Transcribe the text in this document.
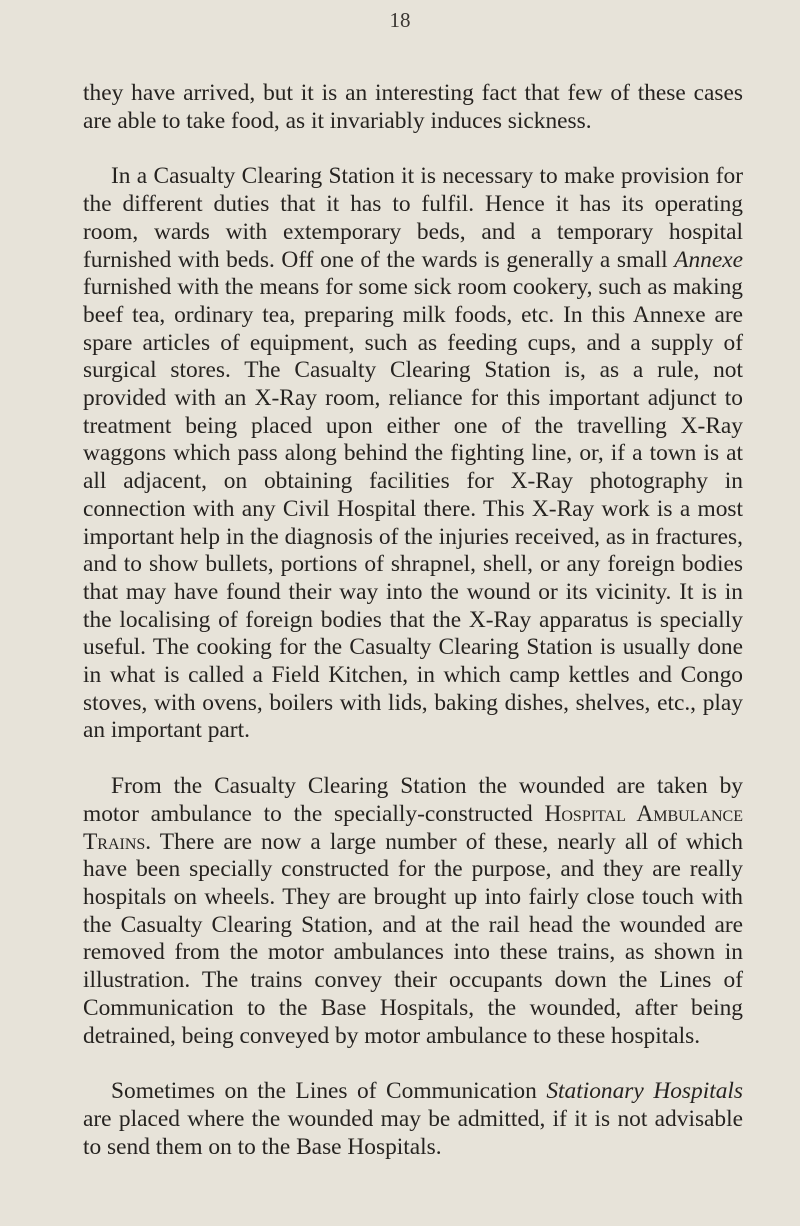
18

they have arrived, but it is an interesting fact that few of these cases are able to take food, as it invariably induces sickness.

In a Casualty Clearing Station it is necessary to make provision for the different duties that it has to fulfil. Hence it has its operating room, wards with extemporary beds, and a temporary hospital furnished with beds. Off one of the wards is generally a small Annexe furnished with the means for some sick room cookery, such as making beef tea, ordinary tea, preparing milk foods, etc. In this Annexe are spare articles of equipment, such as feeding cups, and a supply of surgical stores. The Casualty Clearing Station is, as a rule, not provided with an X-Ray room, reliance for this important adjunct to treatment being placed upon either one of the travelling X-Ray waggons which pass along behind the fighting line, or, if a town is at all adjacent, on obtaining facilities for X-Ray photography in connection with any Civil Hospital there. This X-Ray work is a most important help in the diagnosis of the injuries received, as in fractures, and to show bullets, portions of shrapnel, shell, or any foreign bodies that may have found their way into the wound or its vicinity. It is in the localising of foreign bodies that the X-Ray apparatus is specially useful. The cooking for the Casualty Clearing Station is usually done in what is called a Field Kitchen, in which camp kettles and Congo stoves, with ovens, boilers with lids, baking dishes, shelves, etc., play an important part.

From the Casualty Clearing Station the wounded are taken by motor ambulance to the specially-constructed Hospital Ambulance Trains. There are now a large number of these, nearly all of which have been specially constructed for the purpose, and they are really hospitals on wheels. They are brought up into fairly close touch with the Casualty Clearing Station, and at the rail head the wounded are removed from the motor ambulances into these trains, as shown in illustration. The trains convey their occupants down the Lines of Communication to the Base Hospitals, the wounded, after being detrained, being conveyed by motor ambulance to these hospitals.

Sometimes on the Lines of Communication Stationary Hospitals are placed where the wounded may be admitted, if it is not advisable to send them on to the Base Hospitals.
